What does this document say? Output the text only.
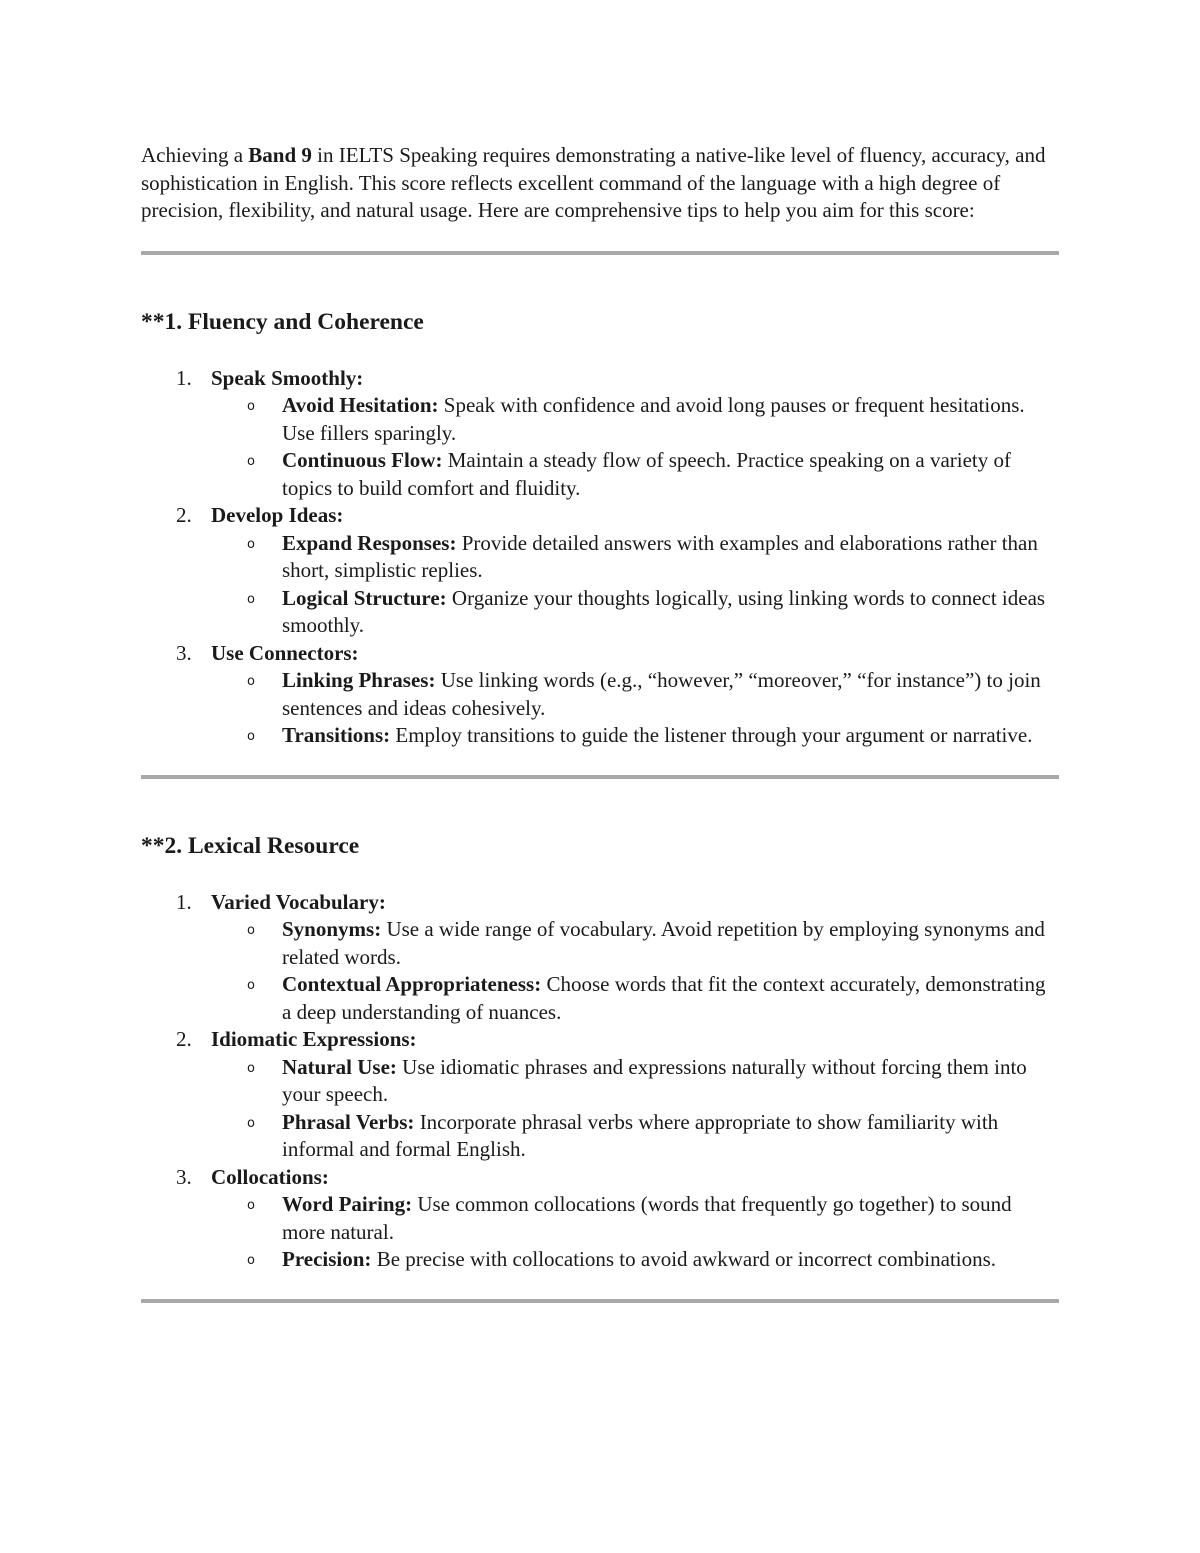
Achieving a Band 9 in IELTS Speaking requires demonstrating a native-like level of fluency, accuracy, and sophistication in English. This score reflects excellent command of the language with a high degree of precision, flexibility, and natural usage. Here are comprehensive tips to help you aim for this score:

**1. Fluency and Coherence
1. Speak Smoothly:
o Avoid Hesitation: Speak with confidence and avoid long pauses or frequent hesitations. Use fillers sparingly.
o Continuous Flow: Maintain a steady flow of speech. Practice speaking on a variety of topics to build comfort and fluidity.
2. Develop Ideas:
o Expand Responses: Provide detailed answers with examples and elaborations rather than short, simplistic replies.
o Logical Structure: Organize your thoughts logically, using linking words to connect ideas smoothly.
3. Use Connectors:
o Linking Phrases: Use linking words (e.g., “however,” “moreover,” “for instance”) to join sentences and ideas cohesively.
o Transitions: Employ transitions to guide the listener through your argument or narrative.
**2. Lexical Resource
1. Varied Vocabulary:
o Synonyms: Use a wide range of vocabulary. Avoid repetition by employing synonyms and related words.
o Contextual Appropriateness: Choose words that fit the context accurately, demonstrating a deep understanding of nuances.
2. Idiomatic Expressions:
o Natural Use: Use idiomatic phrases and expressions naturally without forcing them into your speech.
o Phrasal Verbs: Incorporate phrasal verbs where appropriate to show familiarity with informal and formal English.
3. Collocations:
o Word Pairing: Use common collocations (words that frequently go together) to sound more natural.
o Precision: Be precise with collocations to avoid awkward or incorrect combinations.
